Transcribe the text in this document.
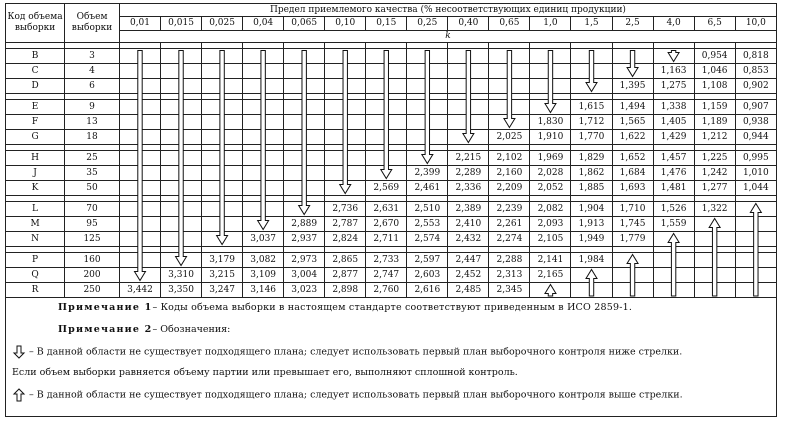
Код объема выборки	Объем выборки	Предел приемлемого качества (% несоответствующих единиц продукции)															
		0,01	0,015	0,025	0,04	0,065	0,10	0,15	0,25	0,40	0,65	1,0	1,5	2,5	4,0	6,5	10,0
		k															

B	3															0,954	0,818
C	4														1,163	1,046	0,853
D	6													1,395	1,275	1,108	0,902

E	9												1,615	1,494	1,338	1,159	0,907
F	13											1,830	1,712	1,565	1,405	1,189	0,938
G	18										2,025	1,910	1,770	1,622	1,429	1,212	0,944

H	25									2,215	2,102	1,969	1,829	1,652	1,457	1,225	0,995
J	35								2,399	2,289	2,160	2,028	1,862	1,684	1,476	1,242	1,010
K	50							2,569	2,461	2,336	2,209	2,052	1,885	1,693	1,481	1,277	1,044

L	70						2,736	2,631	2,510	2,389	2,239	2,082	1,904	1,710	1,526	1,322	
M	95					2,889	2,787	2,670	2,553	2,410	2,261	2,093	1,913	1,745	1,559		
N	125				3,037	2,937	2,824	2,711	2,574	2,432	2,274	2,105	1,949	1,779			

P	160			3,179	3,082	2,973	2,865	2,733	2,597	2,447	2,288	2,141	1,984				
Q	200		3,310	3,215	3,109	3,004	2,877	2,747	2,603	2,452	2,313	2,165					
R	250	3,442	3,350	3,247	3,146	3,023	2,898	2,760	2,616	2,485	2,345						
Примечание 1– Коды объема выборки в настоящем стандарте соответствуют приведенным в ИСО 2859-1.
Примечание 2– Обозначения:
– В данной области не существует подходящего плана; следует использовать первый план выборочного контроля ниже стрелки.
Если объем выборки равняется объему партии или превышает его, выполняют сплошной контроль.
– В данной области не существует подходящего плана; следует использовать первый план выборочного контроля выше стрелки.
